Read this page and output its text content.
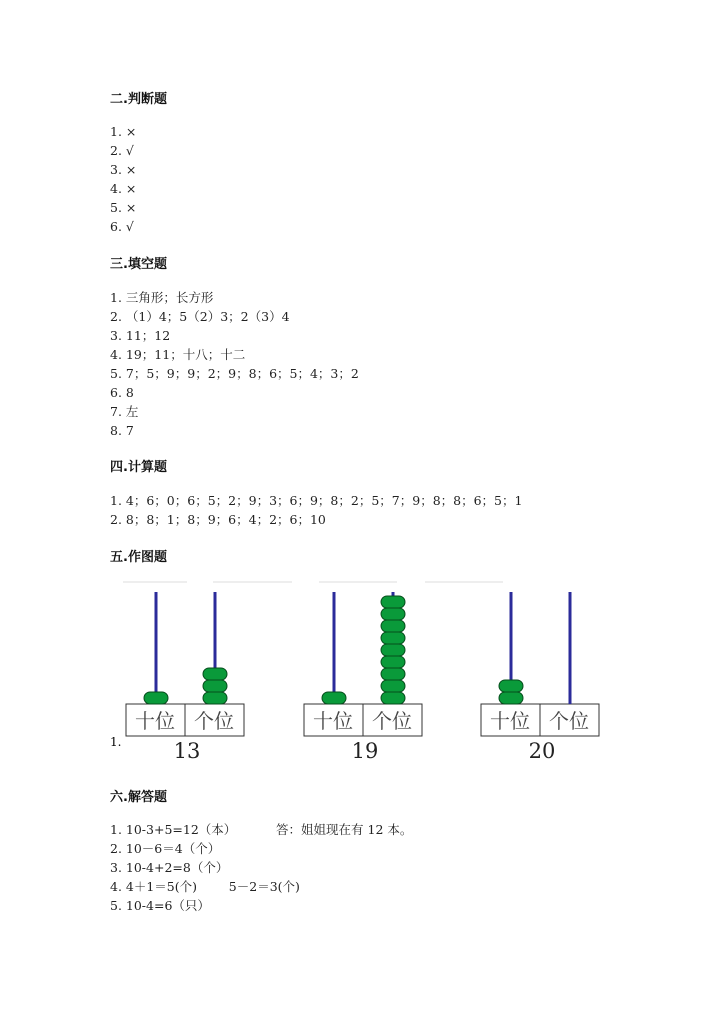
1.
十位 个位
13
十位 个位
19
十位 个位
20
二.判断题
1. ×
2. √
3. ×
4. ×
5. ×
6. √
三.填空题
1. 三角形；长方形
2. （1）4；5（2）3；2（3）4
3. 11；12
4. 19；11；十八；十二
5. 7；5；9；9；2；9；8；6；5；4；3；2
6. 8
7. 左
8. 7
四.计算题
1. 4；6；0；6；5；2；9；3；6；9；8；2；5；7；9；8；8；6；5；1
2. 8；8；1；8；9；6；4；2；6；10
五.作图题
六.解答题
1. 10-3+5=12（本）          答：姐姐现在有 12 本。
2. 10－6＝4（个）
3. 10-4+2=8（个）
4. 4＋1＝5(个)        5－2＝3(个)
5. 10-4=6（只）
